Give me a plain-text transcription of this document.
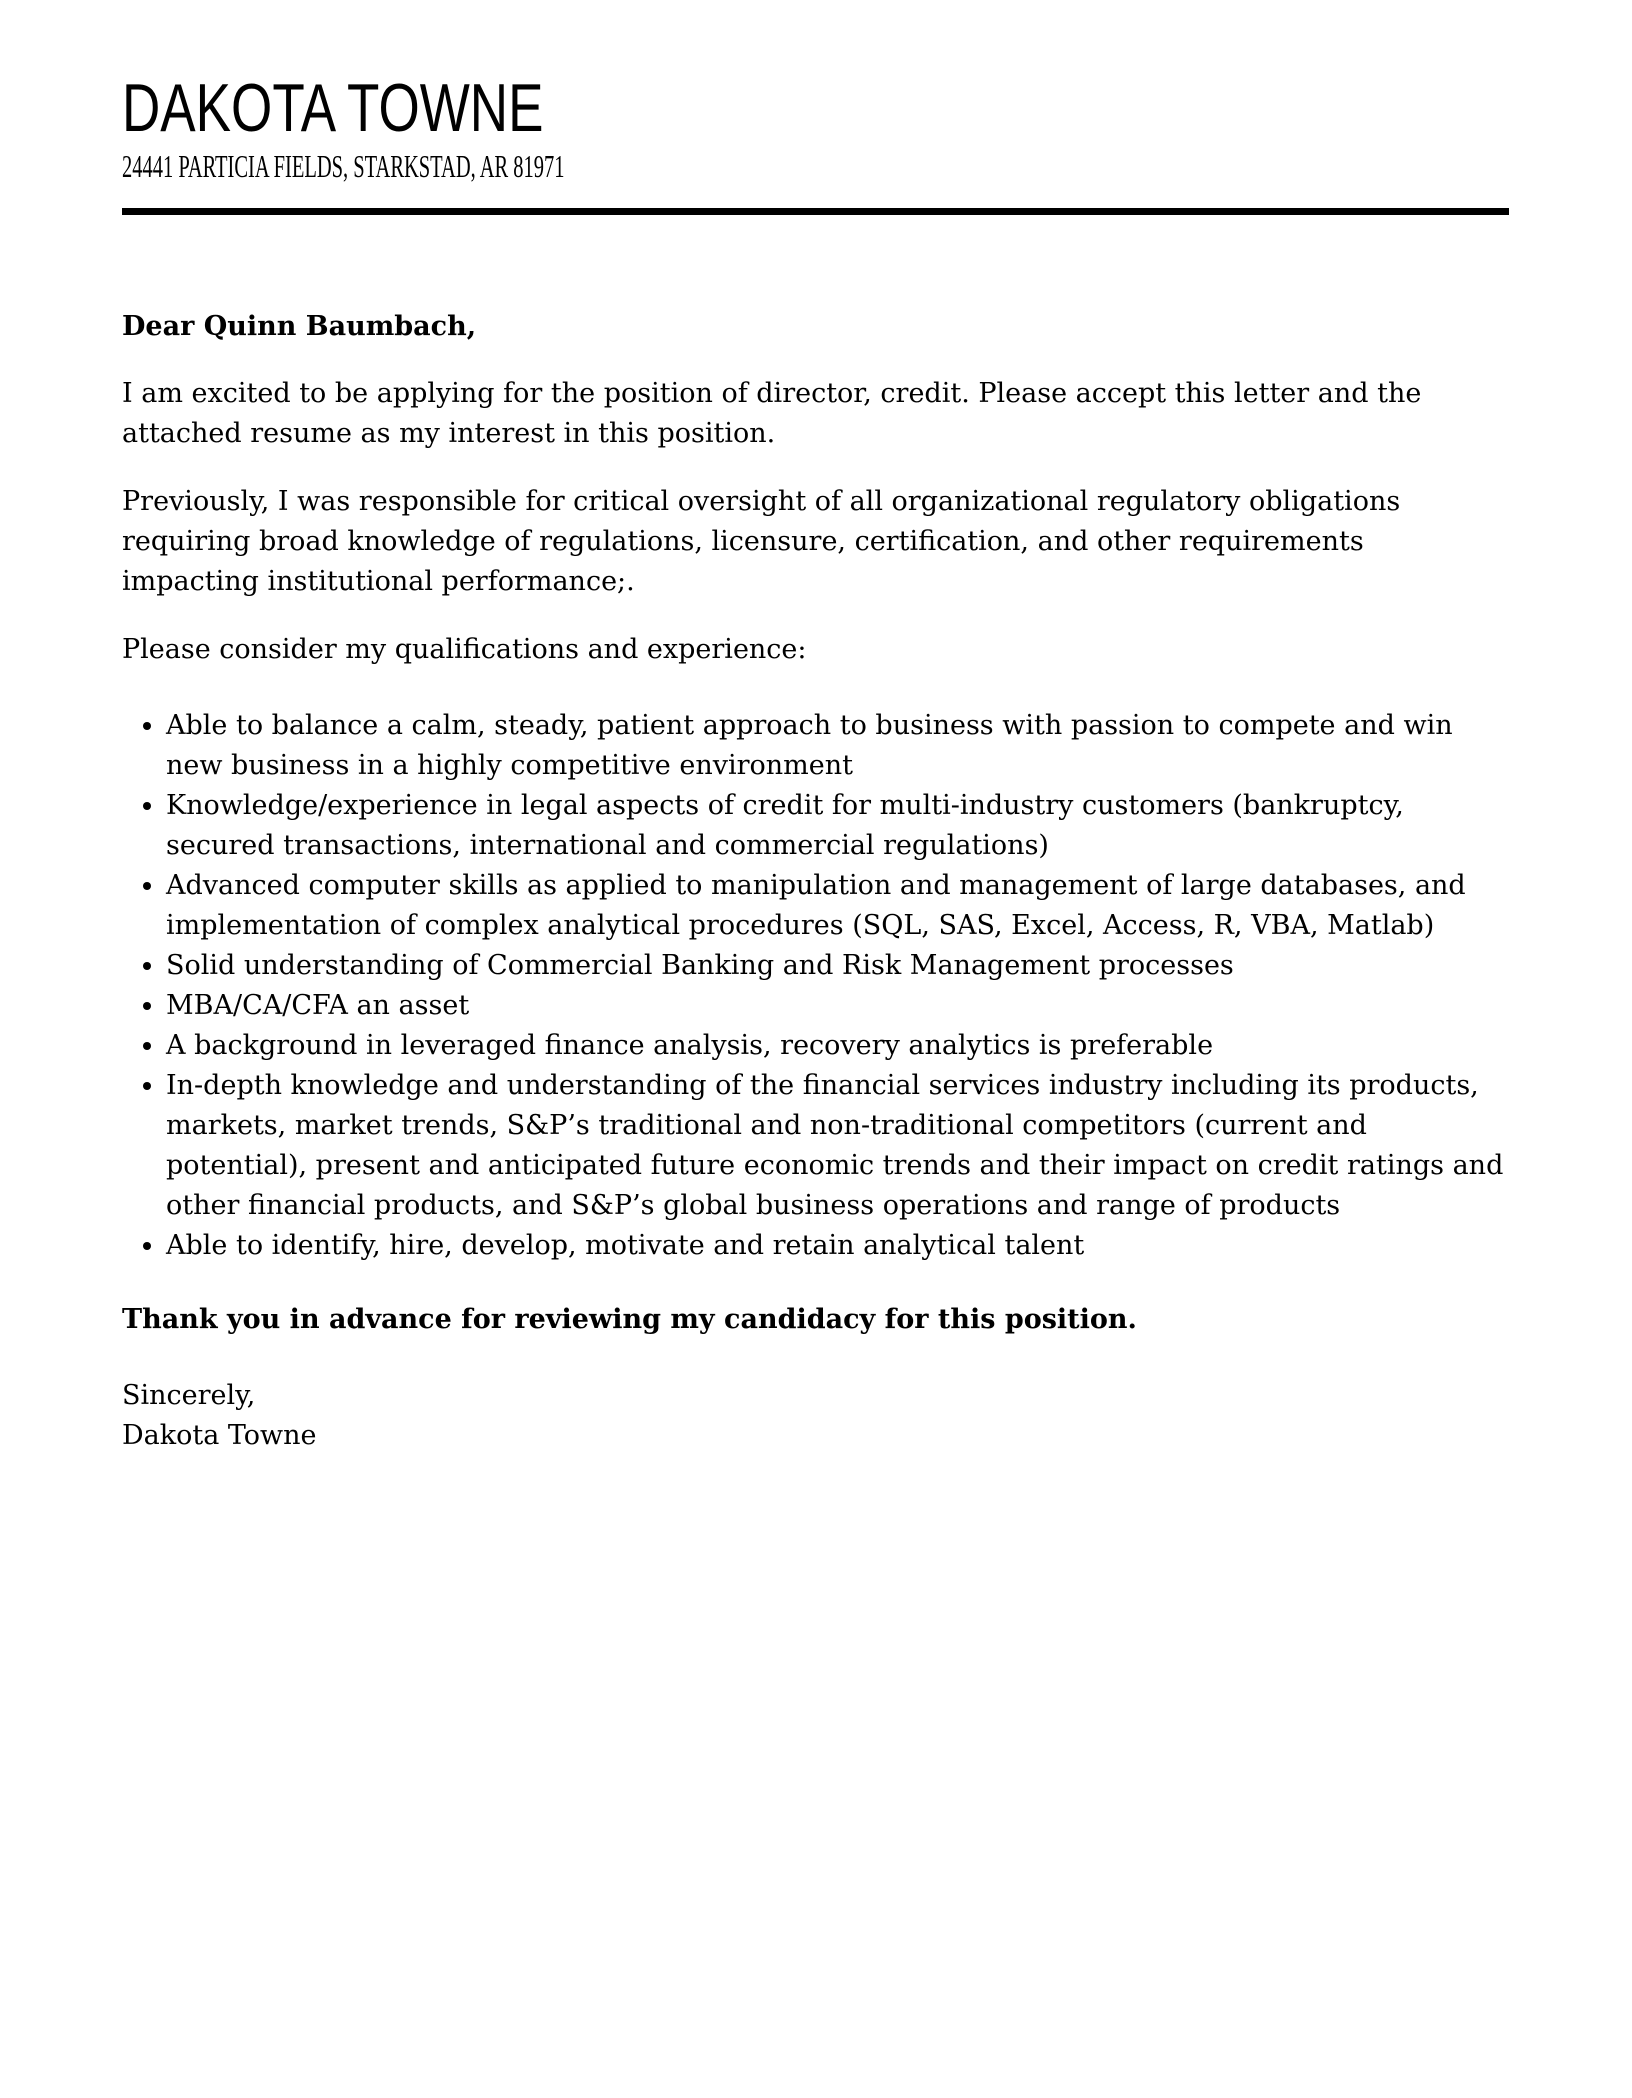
DAKOTA TOWNE
24441 PARTICIA FIELDS, STARKSTAD, AR 81971

Dear Quinn Baumbach,

I am excited to be applying for the position of director, credit. Please accept this letter and the attached resume as my interest in this position.

Previously, I was responsible for critical oversight of all organizational regulatory obligations requiring broad knowledge of regulations, licensure, certification, and other requirements impacting institutional performance;.

Please consider my qualifications and experience:

• Able to balance a calm, steady, patient approach to business with passion to compete and win new business in a highly competitive environment
• Knowledge/experience in legal aspects of credit for multi-industry customers (bankruptcy, secured transactions, international and commercial regulations)
• Advanced computer skills as applied to manipulation and management of large databases, and implementation of complex analytical procedures (SQL, SAS, Excel, Access, R, VBA, Matlab)
• Solid understanding of Commercial Banking and Risk Management processes
• MBA/CA/CFA an asset
• A background in leveraged finance analysis, recovery analytics is preferable
• In-depth knowledge and understanding of the financial services industry including its products, markets, market trends, S&P’s traditional and non-traditional competitors (current and potential), present and anticipated future economic trends and their impact on credit ratings and other financial products, and S&P’s global business operations and range of products
• Able to identify, hire, develop, motivate and retain analytical talent

Thank you in advance for reviewing my candidacy for this position.

Sincerely,
Dakota Towne
